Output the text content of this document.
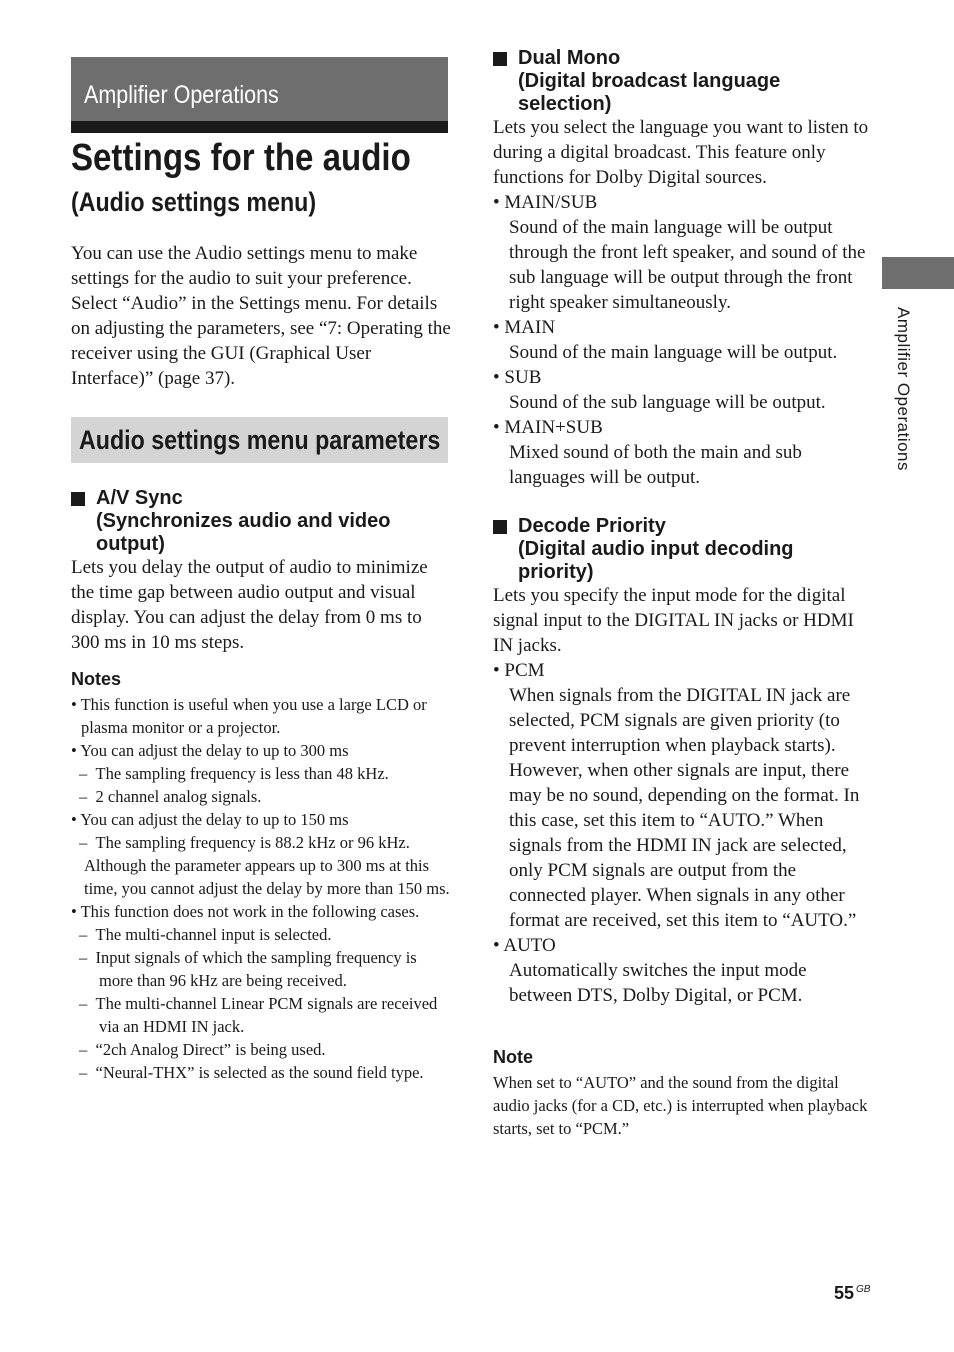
Amplifier Operations
Settings for the audio
(Audio settings menu)
You can use the Audio settings menu to make settings for the audio to suit your preference. Select “Audio” in the Settings menu. For details on adjusting the parameters, see “7: Operating the receiver using the GUI (Graphical User Interface)” (page 37).
Audio settings menu parameters
A/V Sync
(Synchronizes audio and video
output)
Lets you delay the output of audio to minimize the time gap between audio output and visual display. You can adjust the delay from 0 ms to 300 ms in 10 ms steps.
Notes
• This function is useful when you use a large LCD or plasma monitor or a projector.
• You can adjust the delay to up to 300 ms
– The sampling frequency is less than 48 kHz.
– 2 channel analog signals.
• You can adjust the delay to up to 150 ms
– The sampling frequency is 88.2 kHz or 96 kHz.
Although the parameter appears up to 300 ms at this time, you cannot adjust the delay by more than 150 ms.
• This function does not work in the following cases.
– The multi-channel input is selected.
– Input signals of which the sampling frequency is more than 96 kHz are being received.
– The multi-channel Linear PCM signals are received via an HDMI IN jack.
– “2ch Analog Direct” is being used.
– “Neural-THX” is selected as the sound field type.
Dual Mono
(Digital broadcast language
selection)
Lets you select the language you want to listen to during a digital broadcast. This feature only functions for Dolby Digital sources.
• MAIN/SUB
Sound of the main language will be output through the front left speaker, and sound of the sub language will be output through the front right speaker simultaneously.
• MAIN
Sound of the main language will be output.
• SUB
Sound of the sub language will be output.
• MAIN+SUB
Mixed sound of both the main and sub languages will be output.
Decode Priority
(Digital audio input decoding
priority)
Lets you specify the input mode for the digital signal input to the DIGITAL IN jacks or HDMI IN jacks.
• PCM
When signals from the DIGITAL IN jack are selected, PCM signals are given priority (to prevent interruption when playback starts). However, when other signals are input, there may be no sound, depending on the format. In this case, set this item to “AUTO.” When signals from the HDMI IN jack are selected, only PCM signals are output from the connected player. When signals in any other format are received, set this item to “AUTO.”
• AUTO
Automatically switches the input mode between DTS, Dolby Digital, or PCM.
Note
When set to “AUTO” and the sound from the digital audio jacks (for a CD, etc.) is interrupted when playback starts, set to “PCM.”
Amplifier Operations
55 GB
